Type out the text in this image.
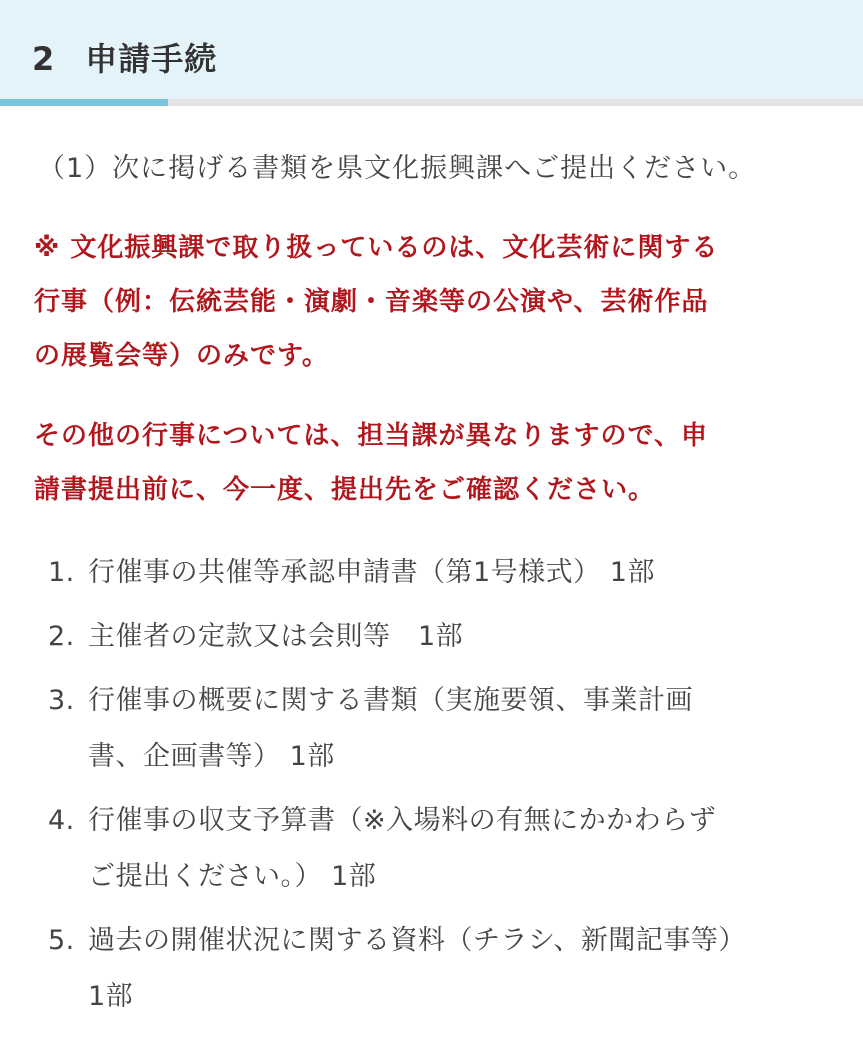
2 申請手続

（1）次に掲げる書類を県文化振興課へご提出ください。

※ 文化振興課で取り扱っているのは、文化芸術に関する
行事（例：伝統芸能・演劇・音楽等の公演や、芸術作品
の展覧会等）のみです。

その他の行事については、担当課が異なりますので、申
請書提出前に、今一度、提出先をご確認ください。

1. 行催事の共催等承認申請書（第1号様式） 1部
2. 主催者の定款又は会則等　1部
3. 行催事の概要に関する書類（実施要領、事業計画
書、企画書等） 1部
4. 行催事の収支予算書（※入場料の有無にかかわらず
ご提出ください。） 1部
5. 過去の開催状況に関する資料（チラシ、新聞記事等）
1部
